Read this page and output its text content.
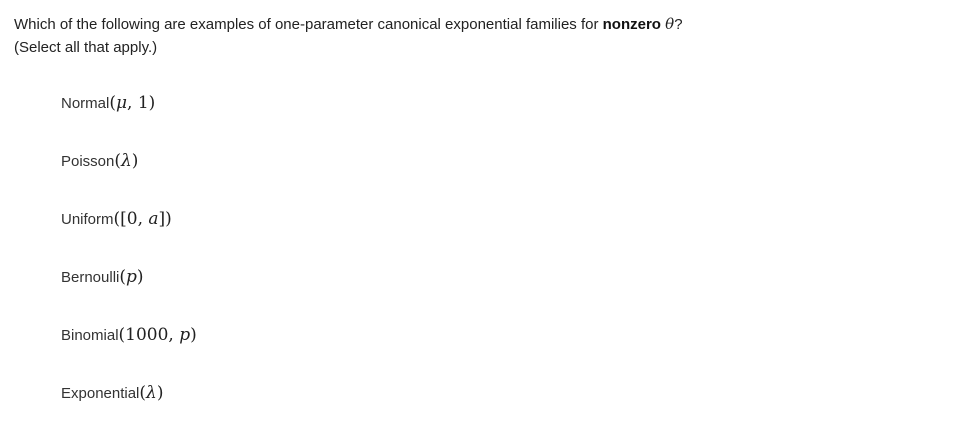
Which of the following are examples of one-parameter canonical exponential families for nonzero θ?
(Select all that apply.)
Normal(μ, 1)
Poisson(λ)
Uniform([0, a])
Bernoulli(p)
Binomial(1000, p)
Exponential(λ)
